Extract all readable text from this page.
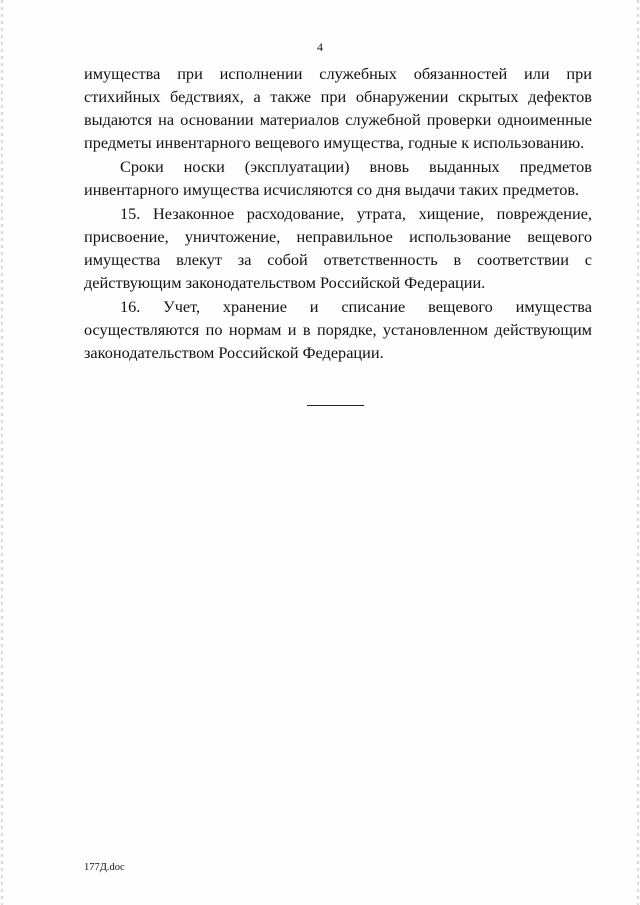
4

имущества при исполнении служебных обязанностей или при стихийных бедствиях, а также при обнаружении скрытых дефектов выдаются на основании материалов служебной проверки одноименные предметы инвентарного вещевого имущества, годные к использованию.

Сроки носки (эксплуатации) вновь выданных предметов инвентарного имущества исчисляются со дня выдачи таких предметов.

15. Незаконное расходование, утрата, хищение, повреждение, присвоение, уничтожение, неправильное использование вещевого имущества влекут за собой ответственность в соответствии с действующим законодательством Российской Федерации.

16. Учет, хранение и списание вещевого имущества осуществляются по нормам и в порядке, установленном действующим законодательством Российской Федерации.

177Д.doc
